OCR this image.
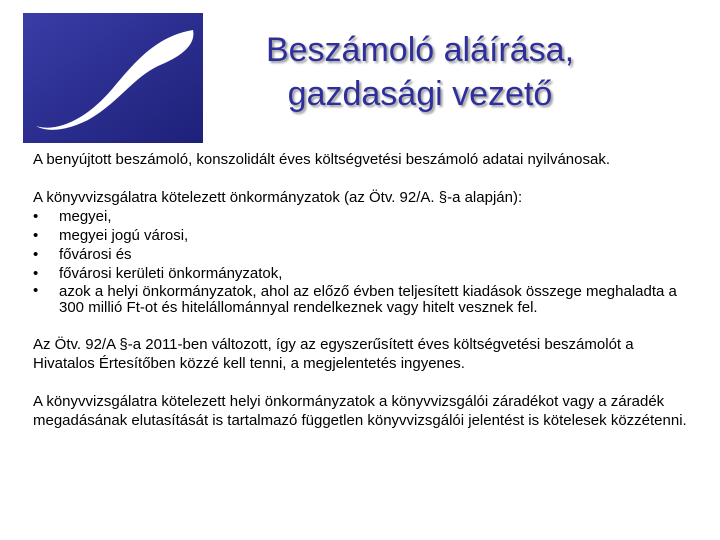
Beszámoló aláírása,
gazdasági vezető

A benyújtott beszámoló, konszolidált éves költségvetési beszámoló adatai nyilvánosak.

A könyvvizsgálatra kötelezett önkormányzatok (az Ötv. 92/A. §-a alapján):

• megyei,
• megyei jogú városi,
• fővárosi és
• fővárosi kerületi önkormányzatok,
• azok a helyi önkormányzatok, ahol az előző évben teljesített kiadások összege meghaladta a 300 millió Ft-ot és hitelállománnyal rendelkeznek vagy hitelt vesznek fel.

Az Ötv. 92/A §-a 2011-ben változott, így az egyszerűsített éves költségvetési beszámolót a Hivatalos Értesítőben közzé kell tenni, a megjelentetés ingyenes.

A könyvvizsgálatra kötelezett helyi önkormányzatok a könyvvizsgálói záradékot vagy a záradék megadásának elutasítását is tartalmazó független könyvvizsgálói jelentést is kötelesek közzétenni.
